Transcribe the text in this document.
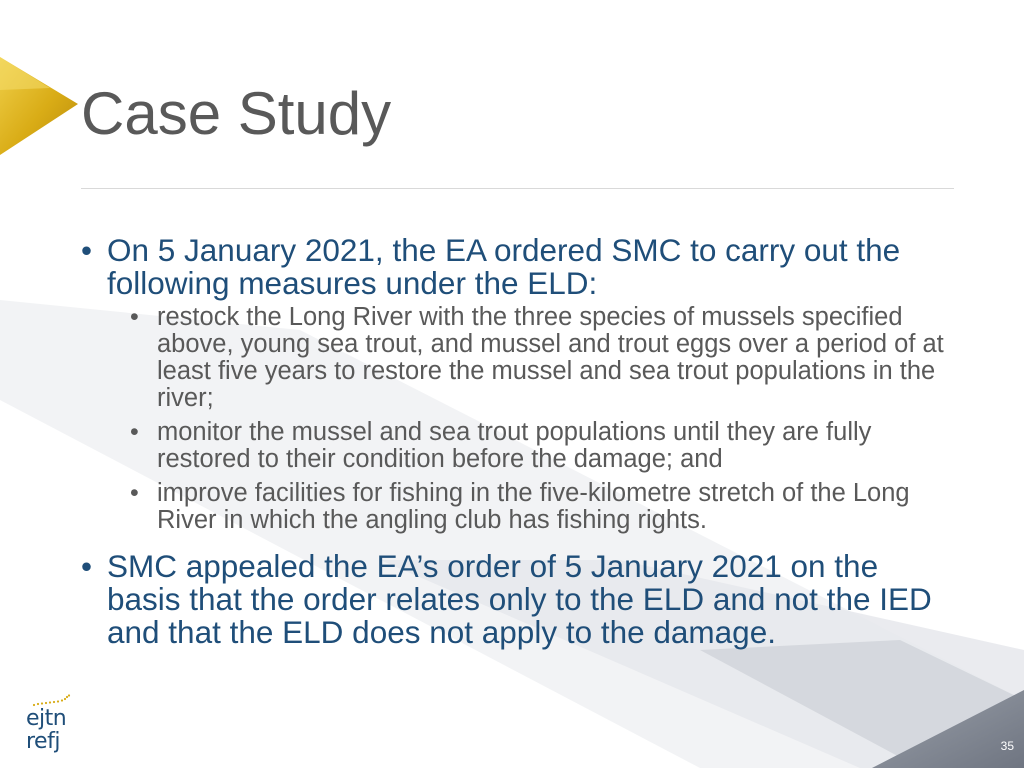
Case Study

• On 5 January 2021, the EA ordered SMC to carry out the following measures under the ELD:

• restock the Long River with the three species of mussels specified above, young sea trout, and mussel and trout eggs over a period of at least five years to restore the mussel and sea trout populations in the river;

• monitor the mussel and sea trout populations until they are fully restored to their condition before the damage; and

• improve facilities for fishing in the five-kilometre stretch of the Long River in which the angling club has fishing rights.

• SMC appealed the EA’s order of 5 January 2021 on the basis that the order relates only to the ELD and not the IED and that the ELD does not apply to the damage.

ejtn
refj	35
